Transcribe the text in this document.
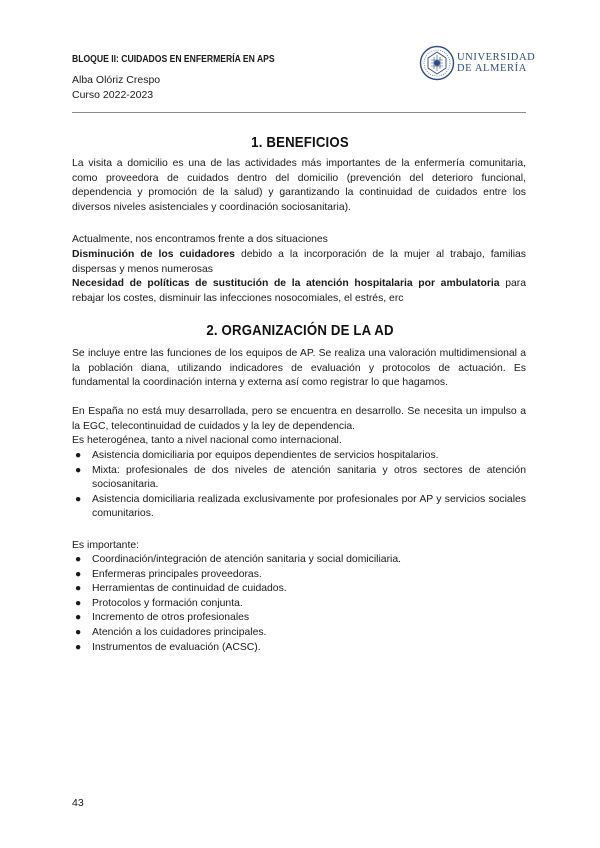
BLOQUE II: CUIDADOS EN ENFERMERÍA EN APS
Alba Olóriz Crespo
Curso 2022-2023
UNIVERSIDAD
DE ALMERÍA
1. BENEFICIOS
La visita a domicilio es una de las actividades más importantes de la enfermería comunitaria, como proveedora de cuidados dentro del domicilio (prevención del deterioro funcional, dependencia y promoción de la salud) y garantizando la continuidad de cuidados entre los diversos niveles asistenciales y coordinación sociosanitaria).
Actualmente, nos encontramos frente a dos situaciones
Disminución de los cuidadores debido a la incorporación de la mujer al trabajo, familias dispersas y menos numerosas
Necesidad de políticas de sustitución de la atención hospitalaria por ambulatoria para rebajar los costes, disminuir las infecciones nosocomiales, el estrés, erc
2. ORGANIZACIÓN DE LA AD
Se incluye entre las funciones de los equipos de AP. Se realiza una valoración multidimensional a la población diana, utilizando indicadores de evaluación y protocolos de actuación. Es fundamental la coordinación interna y externa así como registrar lo que hagamos.
En España no está muy desarrollada, pero se encuentra en desarrollo. Se necesita un impulso a la EGC, telecontinuidad de cuidados y la ley de dependencia.
Es heterogénea, tanto a nivel nacional como internacional.
● Asistencia domiciliaria por equipos dependientes de servicios hospitalarios.
● Mixta: profesionales de dos niveles de atención sanitaria y otros sectores de atención sociosanitaria.
● Asistencia domiciliaria realizada exclusivamente por profesionales por AP y servicios sociales comunitarios.
Es importante:
● Coordinación/integración de atención sanitaria y social domiciliaria.
● Enfermeras principales proveedoras.
● Herramientas de continuidad de cuidados.
● Protocolos y formación conjunta.
● Incremento de otros profesionales
● Atención a los cuidadores principales.
● Instrumentos de evaluación (ACSC).
43
